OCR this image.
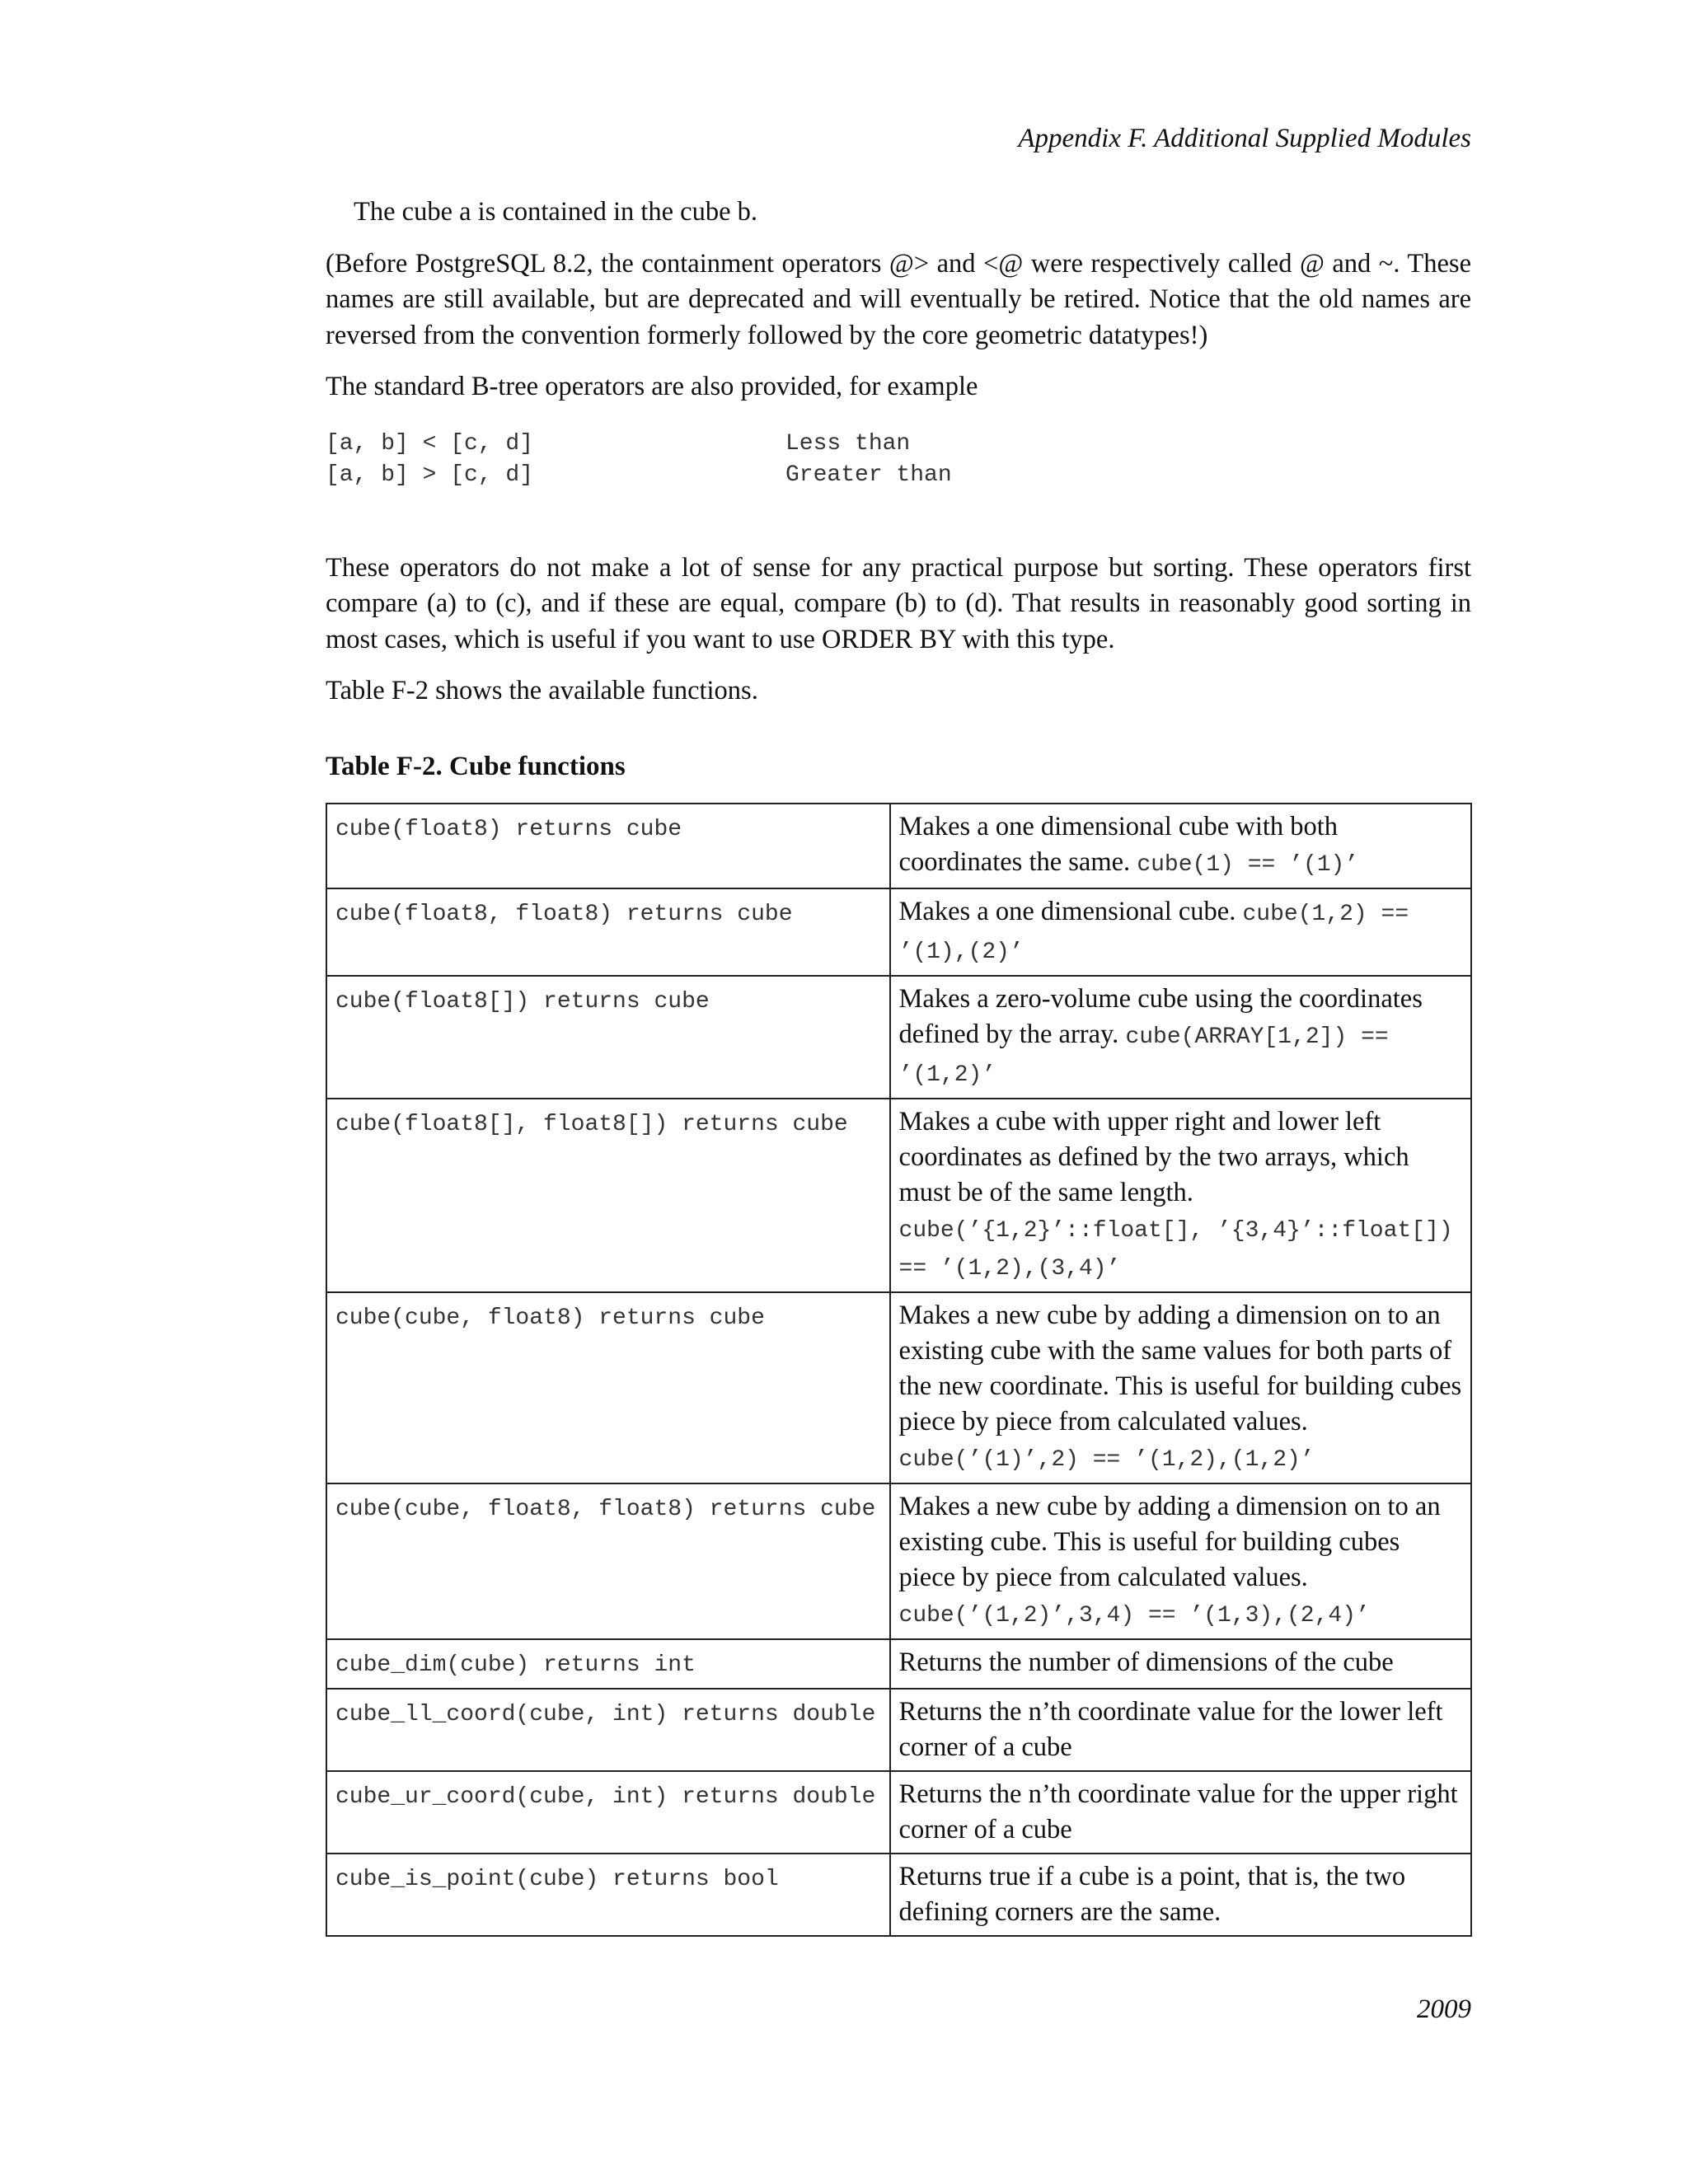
Appendix F. Additional Supplied Modules

The cube a is contained in the cube b.

(Before PostgreSQL 8.2, the containment operators @> and <@ were respectively called @ and ~. These names are still available, but are deprecated and will eventually be retired. Notice that the old names are reversed from the convention formerly followed by the core geometric datatypes!)

The standard B-tree operators are also provided, for example

[a, b] < [c, d]	Less than
[a, b] > [c, d]	Greater than

These operators do not make a lot of sense for any practical purpose but sorting. These operators first compare (a) to (c), and if these are equal, compare (b) to (d). That results in reasonably good sorting in most cases, which is useful if you want to use ORDER BY with this type.

Table F-2 shows the available functions.

Table F-2. Cube functions
cube(float8) returns cube	Makes a one dimensional cube with both coordinates the same. cube(1) == ’(1)’
cube(float8, float8) returns cube	Makes a one dimensional cube. cube(1,2) == ’(1),(2)’
cube(float8[]) returns cube	Makes a zero-volume cube using the coordinates defined by the array. cube(ARRAY[1,2]) == ’(1,2)’
cube(float8[], float8[]) returns cube	Makes a cube with upper right and lower left coordinates as defined by the two arrays, which must be of the same length. cube(’{1,2}’::float[], ’{3,4}’::float[]) == ’(1,2),(3,4)’
cube(cube, float8) returns cube	Makes a new cube by adding a dimension on to an existing cube with the same values for both parts of the new coordinate. This is useful for building cubes piece by piece from calculated values. cube(’(1)’,2) == ’(1,2),(1,2)’
cube(cube, float8, float8) returns cube	Makes a new cube by adding a dimension on to an existing cube. This is useful for building cubes piece by piece from calculated values. cube(’(1,2)’,3,4) == ’(1,3),(2,4)’
cube_dim(cube) returns int	Returns the number of dimensions of the cube
cube_ll_coord(cube, int) returns double	Returns the n’th coordinate value for the lower left corner of a cube
cube_ur_coord(cube, int) returns double	Returns the n’th coordinate value for the upper right corner of a cube
cube_is_point(cube) returns bool	Returns true if a cube is a point, that is, the two defining corners are the same.
2009
